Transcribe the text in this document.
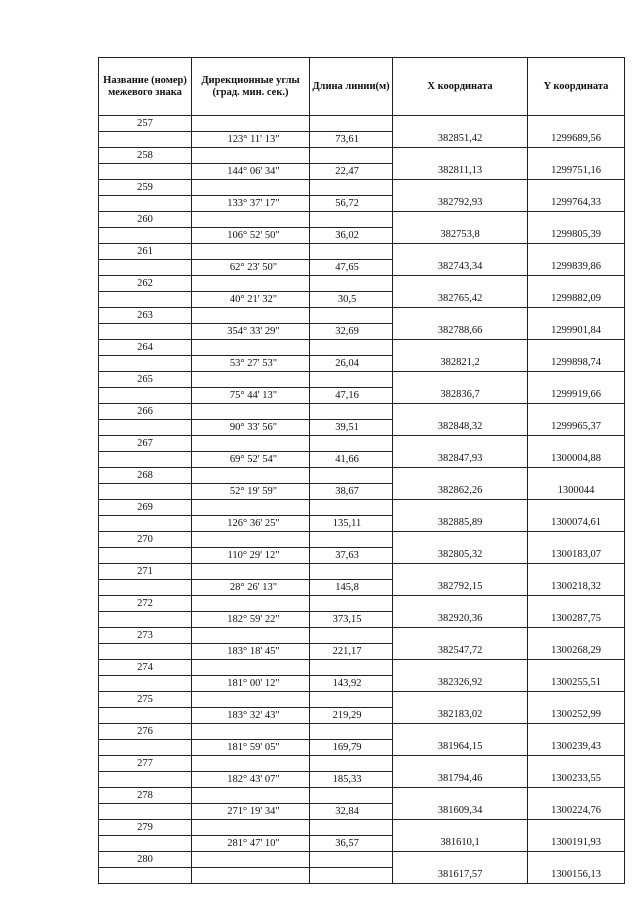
Название (номер) межевого знака	Дирекционные углы (град. мин. сек.)	Длина линии(м)	X координата	Y координата

257			382851,42	1299689,56

	123° 11' 13"	73,61		

258			382811,13	1299751,16

	144° 06' 34"	22,47		

259			382792,93	1299764,33

	133° 37' 17"	56,72		

260			382753,8	1299805,39

	106° 52' 50"	36,02		

261			382743,34	1299839,86

	62° 23' 50"	47,65		

262			382765,42	1299882,09

	40° 21' 32"	30,5		

263			382788,66	1299901,84

	354° 33' 29"	32,69		

264			382821,2	1299898,74

	53° 27' 53"	26,04		

265			382836,7	1299919,66

	75° 44' 13"	47,16		

266			382848,32	1299965,37

	90° 33' 56"	39,51		

267			382847,93	1300004,88

	69° 52' 54"	41,66		

268			382862,26	1300044

	52° 19' 59"	38,67		

269			382885,89	1300074,61

	126° 36' 25"	135,11		

270			382805,32	1300183,07

	110° 29' 12"	37,63		

271			382792,15	1300218,32

	28° 26' 13"	145,8		

272			382920,36	1300287,75

	182° 59' 22"	373,15		

273			382547,72	1300268,29

	183° 18' 45"	221,17		

274			382326,92	1300255,51

	181° 00' 12"	143,92		

275			382183,02	1300252,99

	183° 32' 43"	219,29		

276			381964,15	1300239,43

	181° 59' 05"	169,79		

277			381794,46	1300233,55

	182° 43' 07"	185,33		

278			381609,34	1300224,76

	271° 19' 34"	32,84		

279			381610,1	1300191,93

	281° 47' 10"	36,57		

280			381617,57	1300156,13
